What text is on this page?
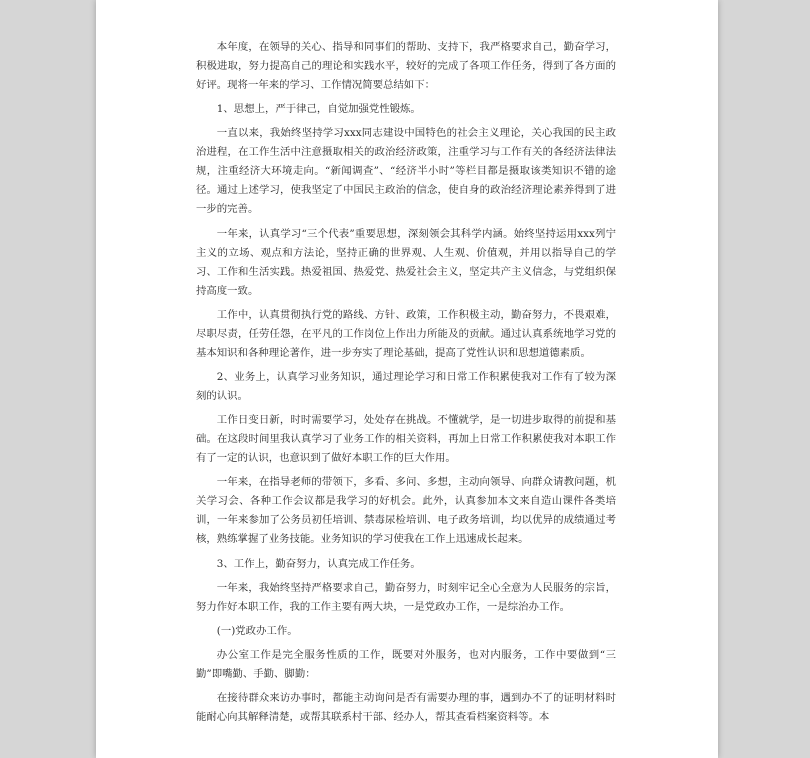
本年度，在领导的关心、指导和同事们的帮助、支持下，我严格要求自己，勤奋学习，积极进取，努力提高自己的理论和实践水平，较好的完成了各项工作任务，得到了各方面的好评。现将一年来的学习、工作情况简要总结如下：

1、思想上，严于律己，自觉加强党性锻炼。

一直以来，我始终坚持学习xxx同志建设中国特色的社会主义理论，关心我国的民主政治进程，在工作生活中注意摄取相关的政治经济政策，注重学习与工作有关的各经济法律法规，注重经济大环境走向。“新闻调查”、“经济半小时”等栏目都是摄取该类知识不错的途径。通过上述学习，使我坚定了中国民主政治的信念，使自身的政治经济理论素养得到了进一步的完善。

一年来，认真学习“三个代表”重要思想，深刻领会其科学内涵。始终坚持运用xxx列宁主义的立场、观点和方法论，坚持正确的世界观、人生观、价值观，并用以指导自己的学习、工作和生活实践。热爱祖国、热爱党、热爱社会主义，坚定共产主义信念，与党组织保持高度一致。

工作中，认真贯彻执行党的路线、方针、政策，工作积极主动，勤奋努力，不畏艰难，尽职尽责，任劳任怨，在平凡的工作岗位上作出力所能及的贡献。通过认真系统地学习党的基本知识和各种理论著作，进一步夯实了理论基础，提高了党性认识和思想道德素质。

2、业务上，认真学习业务知识，通过理论学习和日常工作积累使我对工作有了较为深刻的认识。

工作日变日新，时时需要学习，处处存在挑战。不懂就学，是一切进步取得的前提和基础。在这段时间里我认真学习了业务工作的相关资料，再加上日常工作积累使我对本职工作有了一定的认识，也意识到了做好本职工作的巨大作用。

一年来，在指导老师的带领下，多看、多问、多想，主动向领导、向群众请教问题，机关学习会、各种工作会议都是我学习的好机会。此外，认真参加本文来自造山课件各类培训，一年来参加了公务员初任培训、禁毒尿检培训、电子政务培训，均以优异的成绩通过考核，熟练掌握了业务技能。业务知识的学习使我在工作上迅速成长起来。

3、工作上，勤奋努力，认真完成工作任务。

一年来，我始终坚持严格要求自己，勤奋努力，时刻牢记全心全意为人民服务的宗旨，努力作好本职工作，我的工作主要有两大块，一是党政办工作，一是综治办工作。

(一)党政办工作。

办公室工作是完全服务性质的工作，既要对外服务，也对内服务，工作中要做到“三勤”即嘴勤、手勤、脚勤：

在接待群众来访办事时，都能主动询问是否有需要办理的事，遇到办不了的证明材料时能耐心向其解释清楚，或帮其联系村干部、经办人，帮其查看档案资料等。本
